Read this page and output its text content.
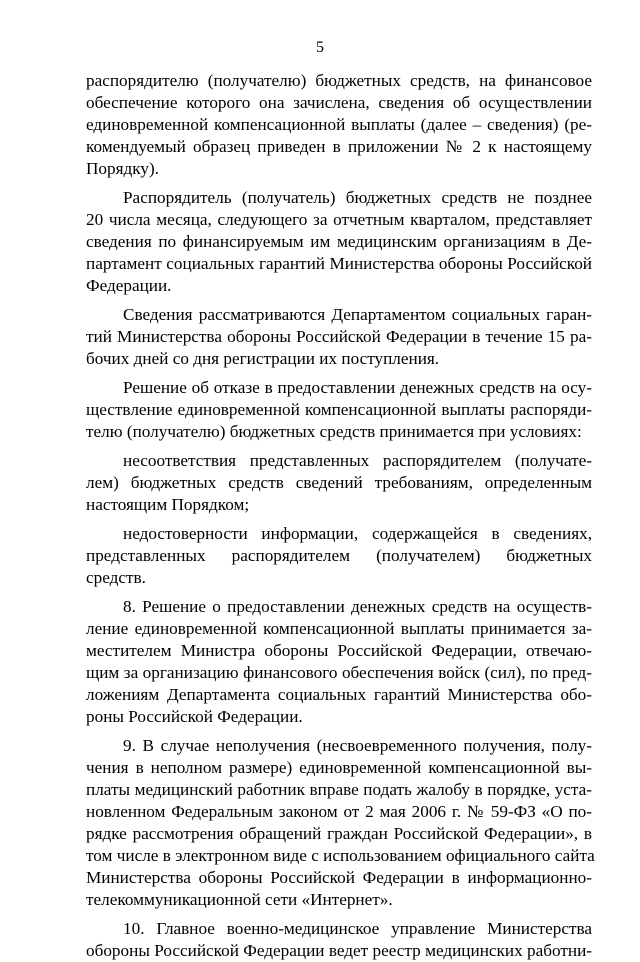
5
распорядителю (получателю) бюджетных средств, на финансовое
обеспечение которого она зачислена, сведения об осуществлении
единовременной компенсационной выплаты (далее – сведения) (ре-
комендуемый образец приведен в приложении № 2 к настоящему
Порядку).
Распорядитель (получатель) бюджетных средств не позднее
20 числа месяца, следующего за отчетным кварталом, представляет
сведения по финансируемым им медицинским организациям в Де-
партамент социальных гарантий Министерства обороны Российской
Федерации.
Сведения рассматриваются Департаментом социальных гаран-
тий Министерства обороны Российской Федерации в течение 15 ра-
бочих дней со дня регистрации их поступления.
Решение об отказе в предоставлении денежных средств на осу-
ществление единовременной компенсационной выплаты распоряди-
телю (получателю) бюджетных средств принимается при условиях:
несоответствия представленных распорядителем (получате-
лем) бюджетных средств сведений требованиям, определенным
настоящим Порядком;
недостоверности информации, содержащейся в сведениях,
представленных распорядителем (получателем) бюджетных
средств.
8. Решение о предоставлении денежных средств на осуществ-
ление единовременной компенсационной выплаты принимается за-
местителем Министра обороны Российской Федерации, отвечаю-
щим за организацию финансового обеспечения войск (сил), по пред-
ложениям Департамента социальных гарантий Министерства обо-
роны Российской Федерации.
9. В случае неполучения (несвоевременного получения, полу-
чения в неполном размере) единовременной компенсационной вы-
платы медицинский работник вправе подать жалобу в порядке, уста-
новленном Федеральным законом от 2 мая 2006 г. № 59-ФЗ «О по-
рядке рассмотрения обращений граждан Российской Федерации», в
том числе в электронном виде с использованием официального сайта
Министерства обороны Российской Федерации в информационно-
телекоммуникационной сети «Интернет».
10. Главное военно-медицинское управление Министерства
обороны Российской Федерации ведет реестр медицинских работни-
